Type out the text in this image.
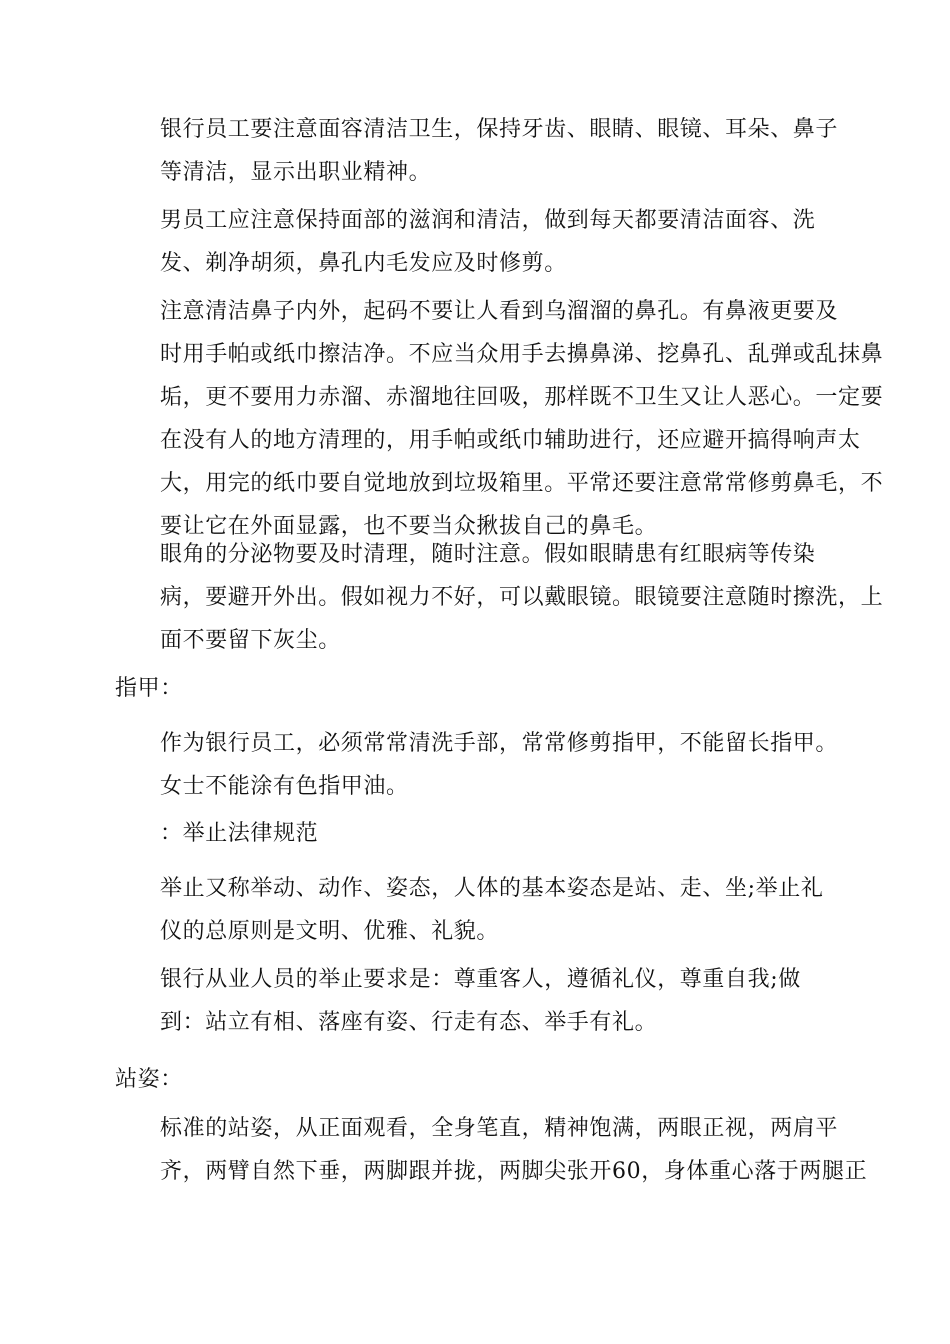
银行员工要注意面容清洁卫生，保持牙齿、眼睛、眼镜、耳朵、鼻子
等清洁，显示出职业精神。

男员工应注意保持面部的滋润和清洁，做到每天都要清洁面容、洗
发、剃净胡须，鼻孔内毛发应及时修剪。

注意清洁鼻子内外，起码不要让人看到乌溜溜的鼻孔。有鼻液更要及
时用手帕或纸巾擦洁净。不应当众用手去擤鼻涕、挖鼻孔、乱弹或乱抹鼻
垢，更不要用力赤溜、赤溜地往回吸，那样既不卫生又让人恶心。一定要
在没有人的地方清理的，用手帕或纸巾辅助进行，还应避开搞得响声太
大，用完的纸巾要自觉地放到垃圾箱里。平常还要注意常常修剪鼻毛，不
要让它在外面显露，也不要当众揪拔自己的鼻毛。

眼角的分泌物要及时清理，随时注意。假如眼睛患有红眼病等传染
病，要避开外出。假如视力不好，可以戴眼镜。眼镜要注意随时擦洗，上
面不要留下灰尘。

指甲：

作为银行员工，必须常常清洗手部，常常修剪指甲，不能留长指甲。
女士不能涂有色指甲油。

：举止法律规范

举止又称举动、动作、姿态，人体的基本姿态是站、走、坐;举止礼
仪的总原则是文明、优雅、礼貌。

银行从业人员的举止要求是：尊重客人，遵循礼仪，尊重自我;做
到：站立有相、落座有姿、行走有态、举手有礼。

站姿：

标准的站姿，从正面观看，全身笔直，精神饱满，两眼正视，两肩平
齐，两臂自然下垂，两脚跟并拢，两脚尖张开60，身体重心落于两腿正
